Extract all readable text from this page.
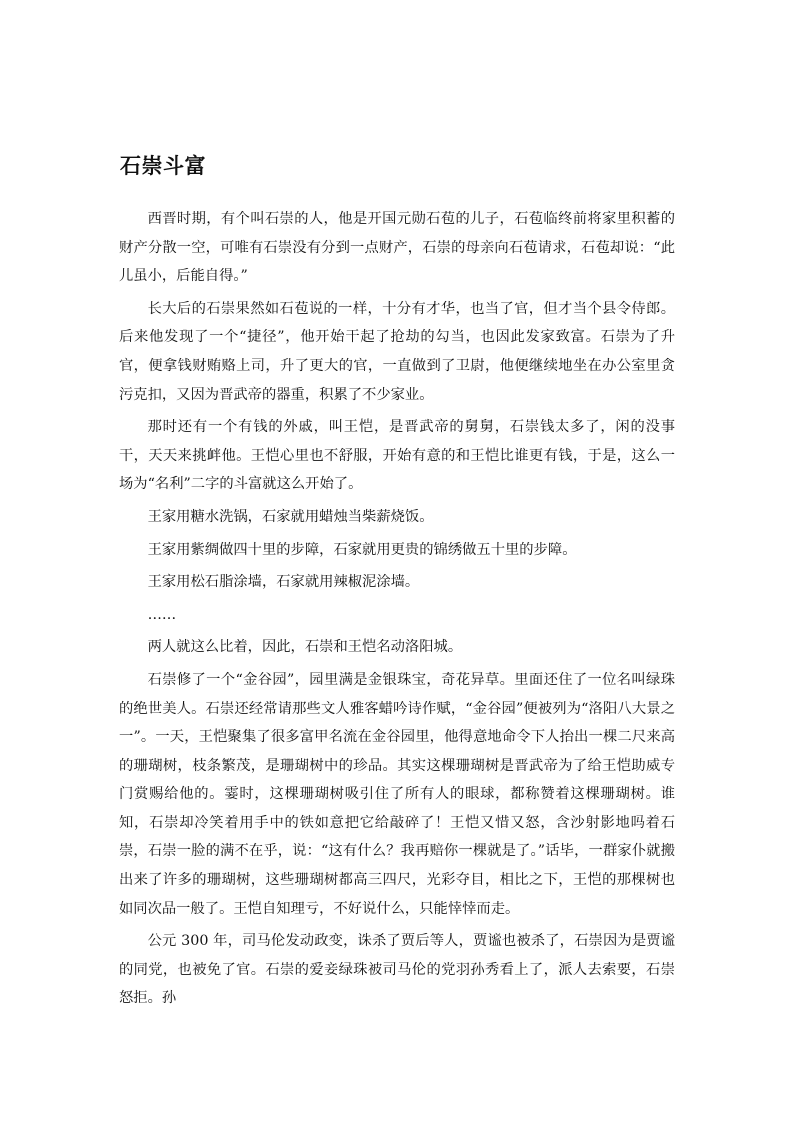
石崇斗富

西晋时期，有个叫石崇的人，他是开国元勋石苞的儿子，石苞临终前将家里积蓄的财产分散一空，可唯有石崇没有分到一点财产，石崇的母亲向石苞请求，石苞却说：“此儿虽小，后能自得。”

长大后的石崇果然如石苞说的一样，十分有才华，也当了官，但才当个县令侍郎。后来他发现了一个“捷径”，他开始干起了抢劫的勾当，也因此发家致富。石崇为了升官，便拿钱财贿赂上司，升了更大的官，一直做到了卫尉，他便继续地坐在办公室里贪污克扣，又因为晋武帝的器重，积累了不少家业。

那时还有一个有钱的外戚，叫王恺，是晋武帝的舅舅，石崇钱太多了，闲的没事干，天天来挑衅他。王恺心里也不舒服，开始有意的和王恺比谁更有钱，于是，这么一场为“名利”二字的斗富就这么开始了。

王家用糖水洗锅，石家就用蜡烛当柴薪烧饭。

王家用紫绸做四十里的步障，石家就用更贵的锦绣做五十里的步障。

王家用松石脂涂墙，石家就用辣椒泥涂墙。

……

两人就这么比着，因此，石崇和王恺名动洛阳城。

石崇修了一个“金谷园”，园里满是金银珠宝，奇花异草。里面还住了一位名叫绿珠的绝世美人。石崇还经常请那些文人雅客蜡吟诗作赋，“金谷园”便被列为“洛阳八大景之一”。一天，王恺聚集了很多富甲名流在金谷园里，他得意地命令下人抬出一棵二尺来高的珊瑚树，枝条繁茂，是珊瑚树中的珍品。其实这棵珊瑚树是晋武帝为了给王恺助威专门赏赐给他的。霎时，这棵珊瑚树吸引住了所有人的眼球，都称赞着这棵珊瑚树。谁知，石崇却冷笑着用手中的铁如意把它给敲碎了！王恺又惜又怒，含沙射影地吗着石崇，石崇一脸的满不在乎，说：“这有什么？我再赔你一棵就是了。”话毕，一群家仆就搬出来了许多的珊瑚树，这些珊瑚树都高三四尺，光彩夺目，相比之下，王恺的那棵树也如同次品一般了。王恺自知理亏，不好说什么，只能悻悻而走。

公元 300 年，司马伦发动政变，诛杀了贾后等人，贾谧也被杀了，石崇因为是贾谧的同党，也被免了官。石崇的爱妾绿珠被司马伦的党羽孙秀看上了，派人去索要，石崇怒拒。孙
